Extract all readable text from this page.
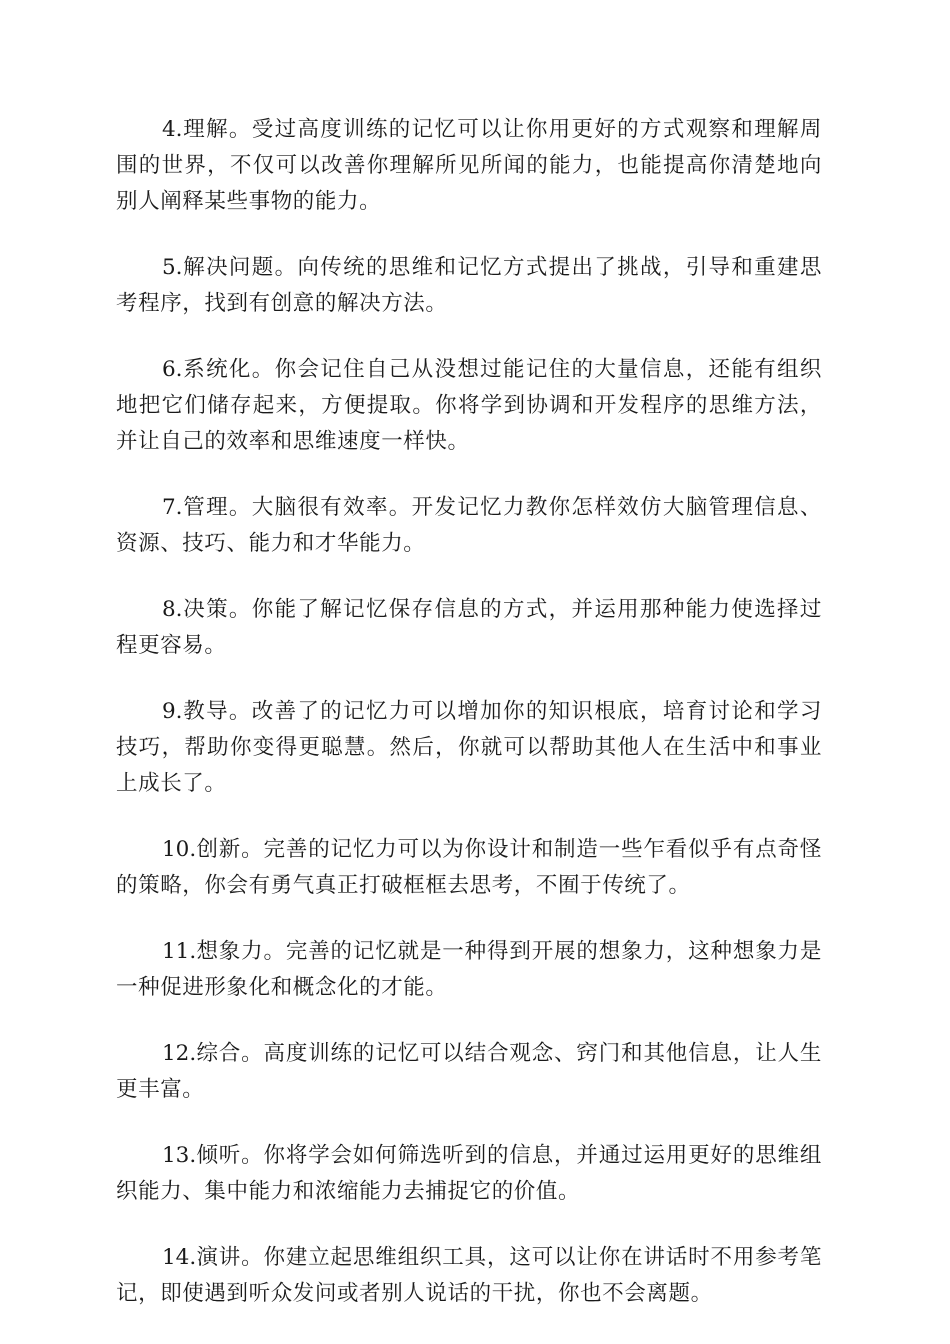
4.理解。受过高度训练的记忆可以让你用更好的方式观察和理解周围的世界，不仅可以改善你理解所见所闻的能力，也能提高你清楚地向别人阐释某些事物的能力。

5.解决问题。向传统的思维和记忆方式提出了挑战，引导和重建思考程序，找到有创意的解决方法。

6.系统化。你会记住自己从没想过能记住的大量信息，还能有组织地把它们储存起来，方便提取。你将学到协调和开发程序的思维方法，并让自己的效率和思维速度一样快。

7.管理。大脑很有效率。开发记忆力教你怎样效仿大脑管理信息、资源、技巧、能力和才华能力。

8.决策。你能了解记忆保存信息的方式，并运用那种能力使选择过程更容易。

9.教导。改善了的记忆力可以增加你的知识根底，培育讨论和学习技巧，帮助你变得更聪慧。然后，你就可以帮助其他人在生活中和事业上成长了。

10.创新。完善的记忆力可以为你设计和制造一些乍看似乎有点奇怪的策略，你会有勇气真正打破框框去思考，不囿于传统了。

11.想象力。完善的记忆就是一种得到开展的想象力，这种想象力是一种促进形象化和概念化的才能。

12.综合。高度训练的记忆可以结合观念、窍门和其他信息，让人生更丰富。

13.倾听。你将学会如何筛选听到的信息，并通过运用更好的思维组织能力、集中能力和浓缩能力去捕捉它的价值。

14.演讲。你建立起思维组织工具，这可以让你在讲话时不用参考笔记，即使遇到听众发问或者别人说话的干扰，你也不会离题。
